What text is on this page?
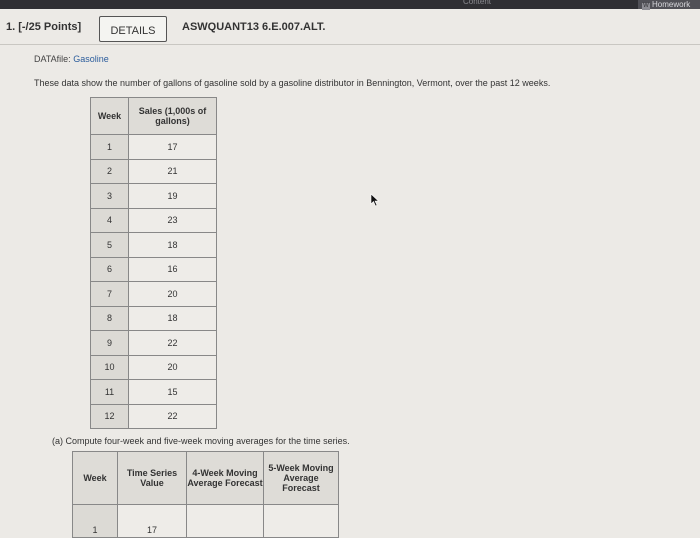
Content	W Homework
1. [-/25 Points]	DETAILS	ASWQUANT13 6.E.007.ALT.
DATAfile: Gasoline
These data show the number of gallons of gasoline sold by a gasoline distributor in Bennington, Vermont, over the past 12 weeks.
Week	Sales (1,000s of gallons)
1	17
2	21
3	19
4	23
5	18
6	16
7	20
8	18
9	22
10	20
11	15
12	22
(a) Compute four-week and five-week moving averages for the time series.
Week	Time Series Value	4-Week Moving Average Forecast	5-Week Moving Average Forecast
1	17		
